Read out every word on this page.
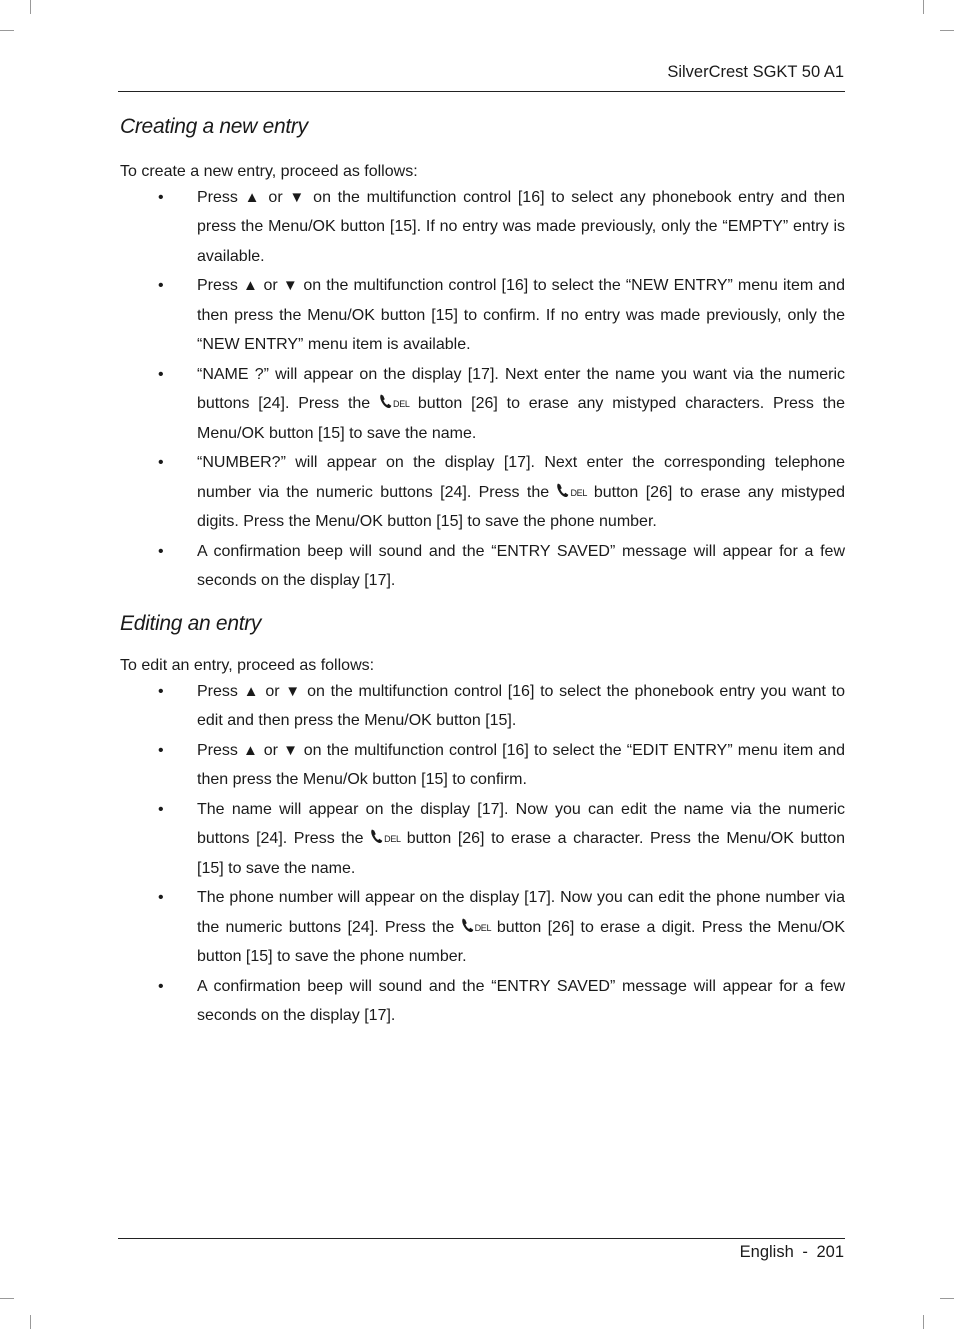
SilverCrest SGKT 50 A1
Creating a new entry

To create a new entry, proceed as follows:

• Press ▲ or ▼ on the multifunction control [16] to select any phonebook entry and then press the Menu/OK button [15]. If no entry was made previously, only the “EMPTY” entry is available.
• Press ▲ or ▼ on the multifunction control [16] to select the “NEW ENTRY” menu item and then press the Menu/OK button [15] to confirm. If no entry was made previously, only the “NEW ENTRY” menu item is available.
• “NAME ?” will appear on the display [17]. Next enter the name you want via the numeric buttons [24]. Press the DEL button [26] to erase any mistyped characters. Press the Menu/OK button [15] to save the name.
• “NUMBER?” will appear on the display [17]. Next enter the corresponding telephone number via the numeric buttons [24]. Press the DEL button [26] to erase any mistyped digits. Press the Menu/OK button [15] to save the phone number.
• A confirmation beep will sound and the “ENTRY SAVED” message will appear for a few seconds on the display [17].
Editing an entry

To edit an entry, proceed as follows:

• Press ▲ or ▼ on the multifunction control [16] to select the phonebook entry you want to edit and then press the Menu/OK button [15].
• Press ▲ or ▼ on the multifunction control [16] to select the “EDIT ENTRY” menu item and then press the Menu/Ok button [15] to confirm.
• The name will appear on the display [17]. Now you can edit the name via the numeric buttons [24]. Press the DEL button [26] to erase a character. Press the Menu/OK button [15] to save the name.
• The phone number will appear on the display [17]. Now you can edit the phone number via the numeric buttons [24]. Press the DEL button [26] to erase a digit. Press the Menu/OK button [15] to save the phone number.
• A confirmation beep will sound and the “ENTRY SAVED” message will appear for a few seconds on the display [17].
English - 201
